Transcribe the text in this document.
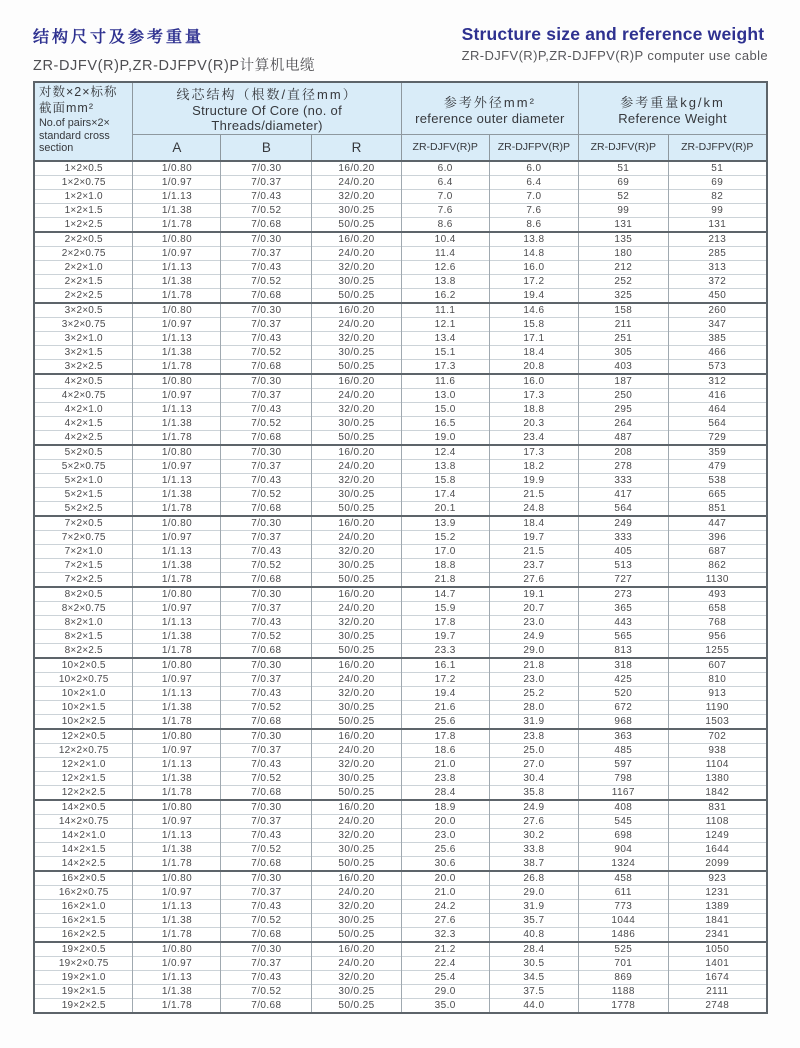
结构尺寸及参考重量
ZR-DJFV(R)P,ZR-DJFPV(R)P计算机电缆
Structure size and reference weight
ZR-DJFV(R)P,ZR-DJFPV(R)P computer use cable
对数×2×标称截面mm²
No.of pairs×2× standard cross section

线芯结构（根数/直径mm）
Structure Of Core (no. of Threads/diameter)

参考外径mm²
reference outer diameter

参考重量kg/km
Reference Weight

	A	B	R	ZR-DJFV(R)P	ZR-DJFPV(R)P	ZR-DJFV(R)P	ZR-DJFPV(R)P
1×2×0.5	1/0.80	7/0.30	16/0.20	6.0	6.0	51	51
1×2×0.75	1/0.97	7/0.37	24/0.20	6.4	6.4	69	69
1×2×1.0	1/1.13	7/0.43	32/0.20	7.0	7.0	52	82
1×2×1.5	1/1.38	7/0.52	30/0.25	7.6	7.6	99	99
1×2×2.5	1/1.78	7/0.68	50/0.25	8.6	8.6	131	131
2×2×0.5	1/0.80	7/0.30	16/0.20	10.4	13.8	135	213
2×2×0.75	1/0.97	7/0.37	24/0.20	11.4	14.8	180	285
2×2×1.0	1/1.13	7/0.43	32/0.20	12.6	16.0	212	313
2×2×1.5	1/1.38	7/0.52	30/0.25	13.8	17.2	252	372
2×2×2.5	1/1.78	7/0.68	50/0.25	16.2	19.4	325	450
3×2×0.5	1/0.80	7/0.30	16/0.20	11.1	14.6	158	260
3×2×0.75	1/0.97	7/0.37	24/0.20	12.1	15.8	211	347
3×2×1.0	1/1.13	7/0.43	32/0.20	13.4	17.1	251	385
3×2×1.5	1/1.38	7/0.52	30/0.25	15.1	18.4	305	466
3×2×2.5	1/1.78	7/0.68	50/0.25	17.3	20.8	403	573
4×2×0.5	1/0.80	7/0.30	16/0.20	11.6	16.0	187	312
4×2×0.75	1/0.97	7/0.37	24/0.20	13.0	17.3	250	416
4×2×1.0	1/1.13	7/0.43	32/0.20	15.0	18.8	295	464
4×2×1.5	1/1.38	7/0.52	30/0.25	16.5	20.3	264	564
4×2×2.5	1/1.78	7/0.68	50/0.25	19.0	23.4	487	729
5×2×0.5	1/0.80	7/0.30	16/0.20	12.4	17.3	208	359
5×2×0.75	1/0.97	7/0.37	24/0.20	13.8	18.2	278	479
5×2×1.0	1/1.13	7/0.43	32/0.20	15.8	19.9	333	538
5×2×1.5	1/1.38	7/0.52	30/0.25	17.4	21.5	417	665
5×2×2.5	1/1.78	7/0.68	50/0.25	20.1	24.8	564	851
7×2×0.5	1/0.80	7/0.30	16/0.20	13.9	18.4	249	447
7×2×0.75	1/0.97	7/0.37	24/0.20	15.2	19.7	333	396
7×2×1.0	1/1.13	7/0.43	32/0.20	17.0	21.5	405	687
7×2×1.5	1/1.38	7/0.52	30/0.25	18.8	23.7	513	862
7×2×2.5	1/1.78	7/0.68	50/0.25	21.8	27.6	727	1130
8×2×0.5	1/0.80	7/0.30	16/0.20	14.7	19.1	273	493
8×2×0.75	1/0.97	7/0.37	24/0.20	15.9	20.7	365	658
8×2×1.0	1/1.13	7/0.43	32/0.20	17.8	23.0	443	768
8×2×1.5	1/1.38	7/0.52	30/0.25	19.7	24.9	565	956
8×2×2.5	1/1.78	7/0.68	50/0.25	23.3	29.0	813	1255
10×2×0.5	1/0.80	7/0.30	16/0.20	16.1	21.8	318	607
10×2×0.75	1/0.97	7/0.37	24/0.20	17.2	23.0	425	810
10×2×1.0	1/1.13	7/0.43	32/0.20	19.4	25.2	520	913
10×2×1.5	1/1.38	7/0.52	30/0.25	21.6	28.0	672	1190
10×2×2.5	1/1.78	7/0.68	50/0.25	25.6	31.9	968	1503
12×2×0.5	1/0.80	7/0.30	16/0.20	17.8	23.8	363	702
12×2×0.75	1/0.97	7/0.37	24/0.20	18.6	25.0	485	938
12×2×1.0	1/1.13	7/0.43	32/0.20	21.0	27.0	597	1104
12×2×1.5	1/1.38	7/0.52	30/0.25	23.8	30.4	798	1380
12×2×2.5	1/1.78	7/0.68	50/0.25	28.4	35.8	1167	1842
14×2×0.5	1/0.80	7/0.30	16/0.20	18.9	24.9	408	831
14×2×0.75	1/0.97	7/0.37	24/0.20	20.0	27.6	545	1108
14×2×1.0	1/1.13	7/0.43	32/0.20	23.0	30.2	698	1249
14×2×1.5	1/1.38	7/0.52	30/0.25	25.6	33.8	904	1644
14×2×2.5	1/1.78	7/0.68	50/0.25	30.6	38.7	1324	2099
16×2×0.5	1/0.80	7/0.30	16/0.20	20.0	26.8	458	923
16×2×0.75	1/0.97	7/0.37	24/0.20	21.0	29.0	611	1231
16×2×1.0	1/1.13	7/0.43	32/0.20	24.2	31.9	773	1389
16×2×1.5	1/1.38	7/0.52	30/0.25	27.6	35.7	1044	1841
16×2×2.5	1/1.78	7/0.68	50/0.25	32.3	40.8	1486	2341
19×2×0.5	1/0.80	7/0.30	16/0.20	21.2	28.4	525	1050
19×2×0.75	1/0.97	7/0.37	24/0.20	22.4	30.5	701	1401
19×2×1.0	1/1.13	7/0.43	32/0.20	25.4	34.5	869	1674
19×2×1.5	1/1.38	7/0.52	30/0.25	29.0	37.5	1188	2111
19×2×2.5	1/1.78	7/0.68	50/0.25	35.0	44.0	1778	2748
